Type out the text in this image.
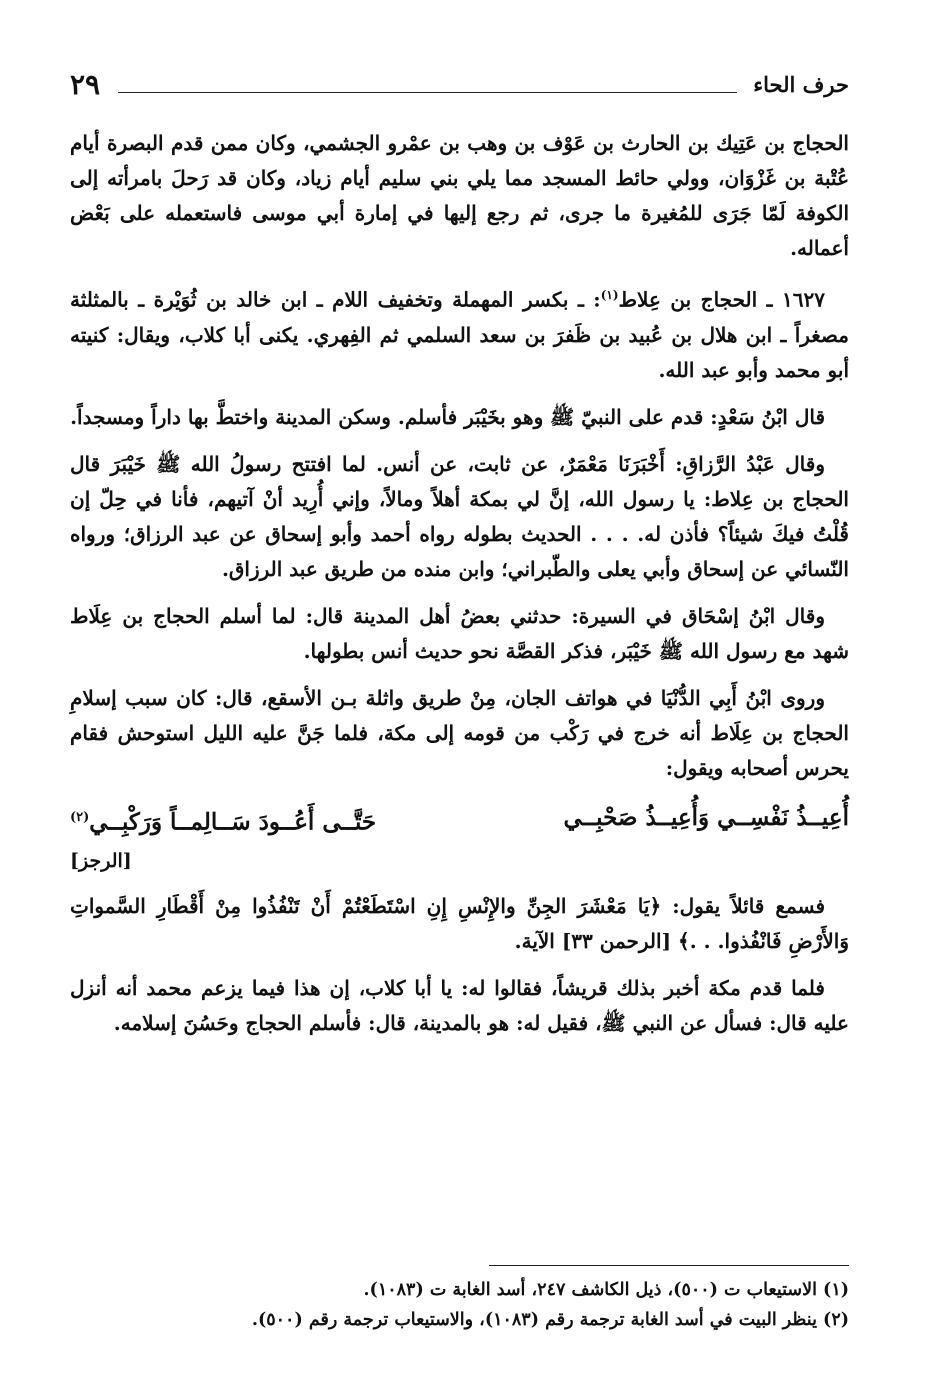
حرف الحاء
٢٩

الحجاج بن عَتِيك بن الحارث بن عَوْف بن وهب بن عمْرو الجشمي، وكان ممن قدم البصرة أيام عُتْبة بن غَزْوَان، وولي حائط المسجد مما يلي بني سليم أيام زياد، وكان قد رَحلَ بامرأته إلى الكوفة لَمّا جَرَى للمُغيرة ما جرى، ثم رجع إليها في إمارة أبي موسى فاستعمله على بَعْض أعماله.

١٦٢٧ ـ الحجاج بن عِلاط$^{(١)}$: ـ بكسر المهملة وتخفيف اللام ـ ابن خالد بن ثُوَيْرة ـ بالمثلثة مصغراً ـ ابن هلال بن عُبيد بن ظَفرَ بن سعد السلمي ثم الفِهري. يكنى أبا كلاب، ويقال: كنيته أبو محمد وأبو عبد الله.

قال ابْنُ سَعْدٍ: قدم على النبيّ ﷺ وهو بخَيْبَر فأسلم. وسكن المدينة واختطَّ بها داراً ومسجداً.

وقال عَبْدُ الرَّزاقِ: أَخْبَرَنَا مَعْمَرٌ، عن ثابت، عن أنس. لما افتتح رسولُ الله ﷺ خَيْبَرَ قال الحجاج بن عِلاط: يا رسول الله، إنَّ لي بمكة أهلاً ومالاً، وإني أُرِيد أنْ آتيهم، فأنا في حِلّ إن قُلْتُ فيكَ شيئاً؟ فأذن له. . . . الحديث بطوله رواه أحمد وأبو إسحاق عن عبد الرزاق؛ ورواه النّسائي عن إسحاق وأبي يعلى والطّبراني؛ وابن منده من طريق عبد الرزاق.

وقال ابْنُ إسْحَاق في السيرة: حدثني بعضُ أهل المدينة قال: لما أسلم الحجاج بن عِلَاط شهد مع رسول الله ﷺ خَيْبَر، فذكر القصَّة نحو حديث أنس بطولها.

وروى ابْنُ أَبِي الدُّنْيَا في هواتف الجان، مِنْ طريق واثلة بـن الأسقع، قال: كان سبب إسلامِ الحجاج بن عِلَاط أنه خرج في رَكْب من قومه إلى مكة، فلما جَنَّ عليه الليل استوحش فقام يحرس أصحابه ويقول:

أُعِيــذُ نَفْسِــي وَأُعِيــذُ صَحْبِــي
حَتَّــى أَعُــودَ سَــالِمــاً وَرَكْبِــي$^{(٢)}$
[الرجز]

فسمع قائلاً يقول: ﴿يَا مَعْشَرَ الجِنِّ والإِنْسِ إِنِ اسْتَطَعْتُمْ أَنْ تَنْفُذُوا مِنْ أَقْطَارِ السَّمواتِ وَالأَرْضِ فَانْفُذوا. . .﴾ [الرحمن ٣٣] الآية.

فلما قدم مكة أخبر بذلك قريشاً، فقالوا له: يا أبا كلاب، إن هذا فيما يزعم محمد أنه أنزل عليه قال: فسأل عن النبي ﷺ، فقيل له: هو بالمدينة، قال: فأسلم الحجاج وحَسُنَ إسلامه.

(١) الاستيعاب ت (٥٠٠)، ذيل الكاشف ٢٤٧، أسد الغابة ت (١٠٨٣).

(٢) ينظر البيت في أسد الغابة ترجمة رقم (١٠٨٣)، والاستيعاب ترجمة رقم (٥٠٠).
